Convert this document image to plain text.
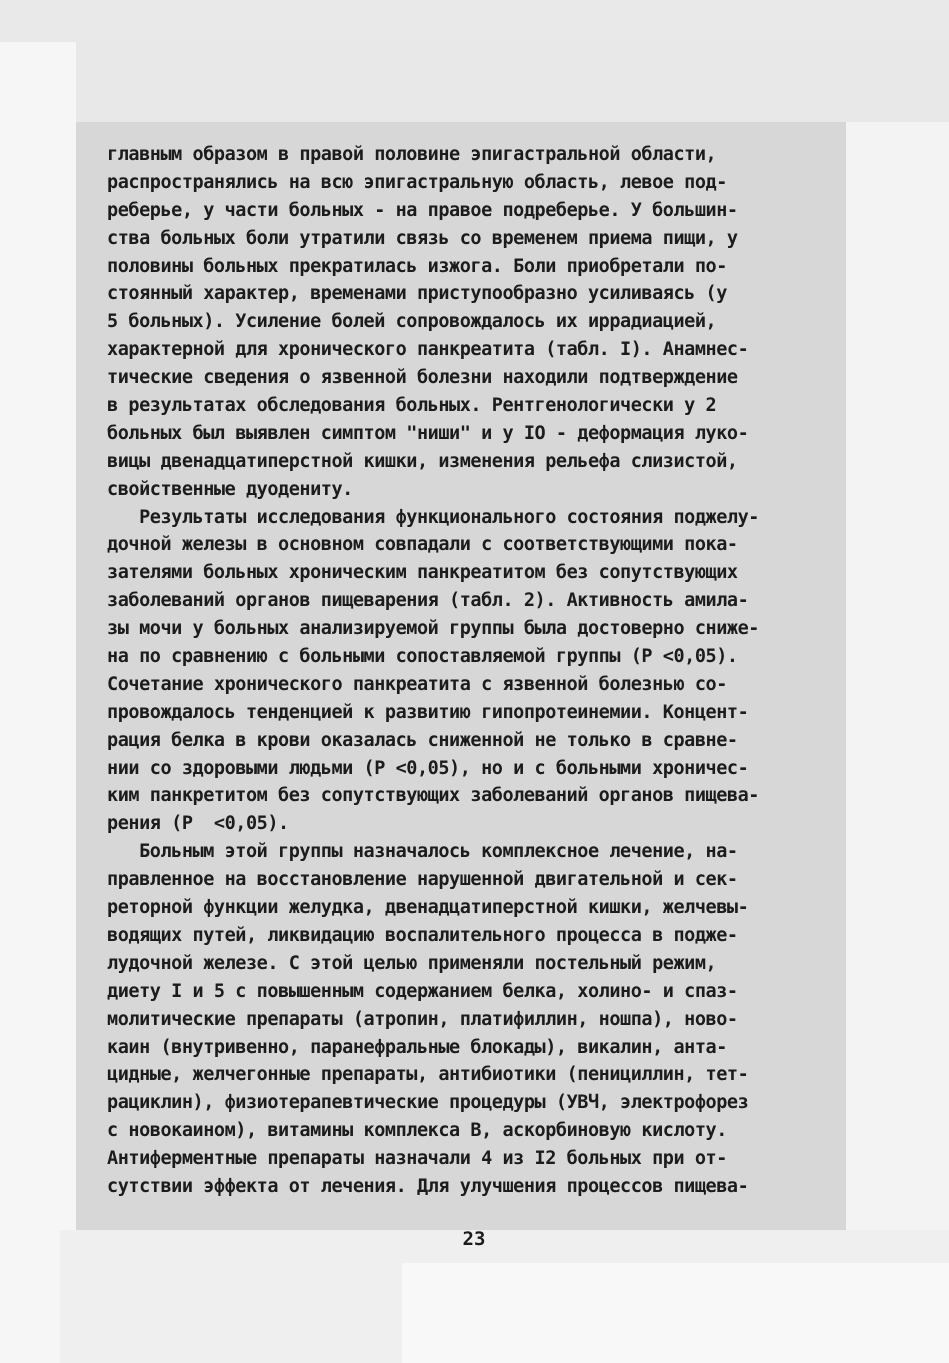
главным образом в правой половине эпигастральной области,
распространялись на всю эпигастральную область, левое под-
реберье, у части больных - на правое подреберье. У большин-
ства больных боли утратили связь со временем приема пищи, у
половины больных прекратилась изжога. Боли приобретали по-
стоянный характер, временами приступообразно усиливаясь (у
5 больных). Усиление болей сопровождалось их иррадиацией,
характерной для хронического панкреатита (табл. I). Анамнес-
тические сведения о язвенной болезни находили подтверждение
в результатах обследования больных. Рентгенологически у 2
больных был выявлен симптом "ниши" и у IO - деформация луко-
вицы двенадцатиперстной кишки, изменения рельефа слизистой,
свойственные дуодениту.
Результаты исследования функционального состояния поджелу-
дочной железы в основном совпадали с соответствующими пока-
зателями больных хроническим панкреатитом без сопутствующих
заболеваний органов пищеварения (табл. 2). Активность амила-
зы мочи у больных анализируемой группы была достоверно сниже-
на по сравнению с больными сопоставляемой группы (P <0,05).
Сочетание хронического панкреатита с язвенной болезнью со-
провождалось тенденцией к развитию гипопротеинемии. Концент-
рация белка в крови оказалась сниженной не только в сравне-
нии со здоровыми людьми (P <0,05), но и с больными хроничес-
ким панкретитом без сопутствующих заболеваний органов пищева-
рения (P  <0,05).
Больным этой группы назначалось комплексное лечение, на-
правленное на восстановление нарушенной двигательной и сек-
реторной функции желудка, двенадцатиперстной кишки, желчевы-
водящих путей, ликвидацию воспалительного процесса в поджe-
лудочной железе. С этой целью применяли постельный режим,
диету I и 5 с повышенным содержанием белка, холино- и спаз-
молитические препараты (атропин, платифиллин, ношпа), ново-
каин (внутривенно, паранефральные блокады), викалин, анта-
цидные, желчегонные препараты, антибиотики (пенициллин, тет-
рациклин), физиотерапевтические процедуры (УВЧ, электрофорез
с новокаином), витамины комплекса В, аскорбиновую кислоту.
Антиферментные препараты назначали 4 из I2 больных при от-
сутствии эффекта от лечения. Для улучшения процессов пищева-
23
